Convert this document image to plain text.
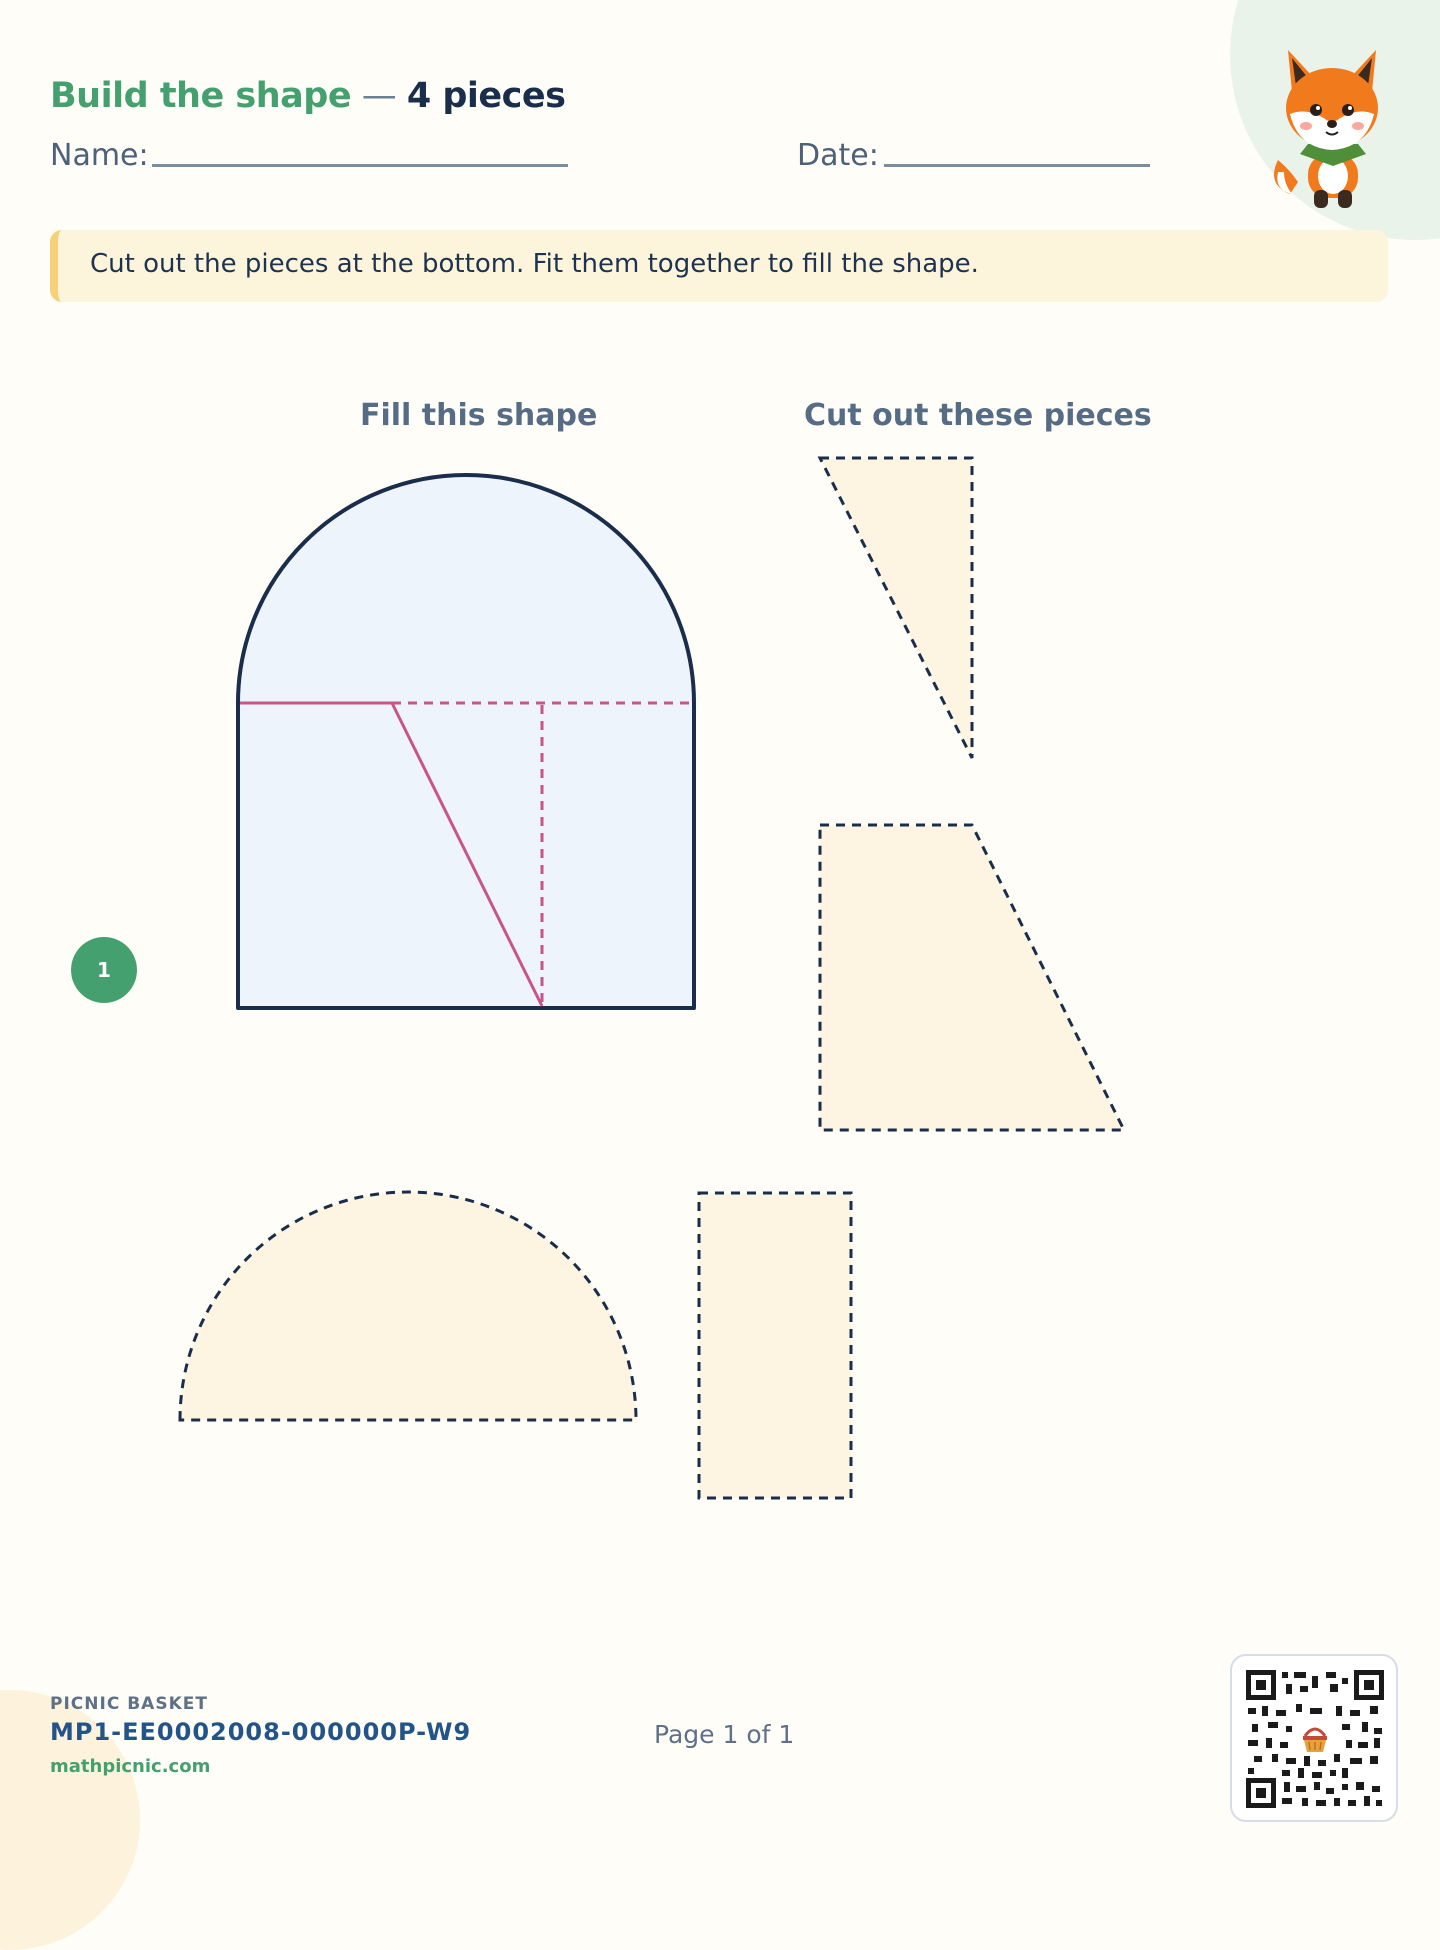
Build the shape — 4 pieces
Name:	Date:
Cut out the pieces at the bottom. Fit them together to fill the shape.
Fill this shape	Cut out these pieces
1
PICNIC BASKET
MP1-EE0002008-000000P-W9
mathpicnic.com
Page 1 of 1
